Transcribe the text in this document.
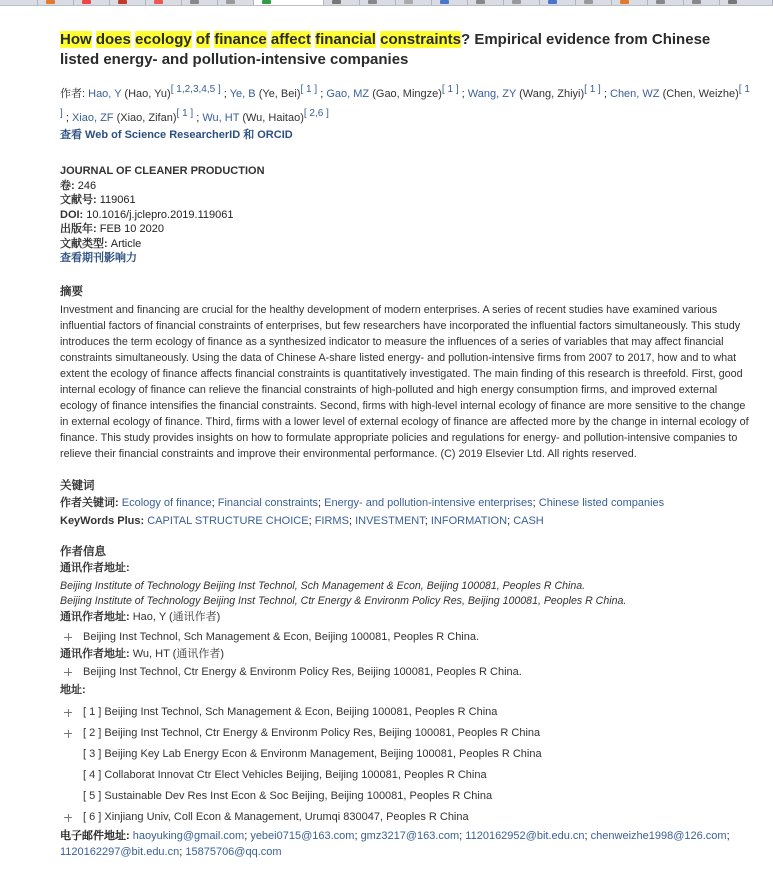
How does ecology of finance affect financial constraints? Empirical evidence from Chinese listed energy- and pollution-intensive companies
作者: Hao, Y (Hao, Yu)[ 1,2,3,4,5 ] ; Ye, B (Ye, Bei)[ 1 ] ; Gao, MZ (Gao, Mingze)[ 1 ] ; Wang, ZY (Wang, Zhiyi)[ 1 ] ; Chen, WZ (Chen, Weizhe)[ 1 ] ; Xiao, ZF (Xiao, Zifan)[ 1 ] ; Wu, HT (Wu, Haitao)[ 2,6 ]
查看 Web of Science ResearcherID 和 ORCID
JOURNAL OF CLEANER PRODUCTION
卷: 246
文献号: 119061
DOI: 10.1016/j.jclepro.2019.119061
出版年: FEB 10 2020
文献类型: Article
查看期刊影响力
摘要

Investment and financing are crucial for the healthy development of modern enterprises. A series of recent studies have examined various influential factors of financial constraints of enterprises, but few researchers have incorporated the influential factors simultaneously. This study introduces the term ecology of finance as a synthesized indicator to measure the influences of a series of variables that may affect financial constraints simultaneously. Using the data of Chinese A-share listed energy- and pollution-intensive firms from 2007 to 2017, how and to what extent the ecology of finance affects financial constraints is quantitatively investigated. The main finding of this research is threefold. First, good internal ecology of finance can relieve the financial constraints of high-polluted and high energy consumption firms, and improved external ecology of finance intensifies the financial constraints. Second, firms with high-level internal ecology of finance are more sensitive to the change in external ecology of finance. Third, firms with a lower level of external ecology of finance are affected more by the change in internal ecology of finance. This study provides insights on how to formulate appropriate policies and regulations for energy- and pollution-intensive companies to relieve their financial constraints and improve their environmental performance. (C) 2019 Elsevier Ltd. All rights reserved.

关键词
作者关键词: Ecology of finance; Financial constraints; Energy- and pollution-intensive enterprises; Chinese listed companies
KeyWords Plus: CAPITAL STRUCTURE CHOICE; FIRMS; INVESTMENT; INFORMATION; CASH
作者信息
通讯作者地址:
Beijing Institute of Technology Beijing Inst Technol, Sch Management & Econ, Beijing 100081, Peoples R China.
Beijing Institute of Technology Beijing Inst Technol, Ctr Energy & Environm Policy Res, Beijing 100081, Peoples R China.
通讯作者地址: Hao, Y (通讯作者)
Beijing Inst Technol, Sch Management & Econ, Beijing 100081, Peoples R China.
通讯作者地址: Wu, HT (通讯作者)
Beijing Inst Technol, Ctr Energy & Environm Policy Res, Beijing 100081, Peoples R China.
地址:
[ 1 ] Beijing Inst Technol, Sch Management & Econ, Beijing 100081, Peoples R China
[ 2 ] Beijing Inst Technol, Ctr Energy & Environm Policy Res, Beijing 100081, Peoples R China
[ 3 ] Beijing Key Lab Energy Econ & Environm Management, Beijing 100081, Peoples R China
[ 4 ] Collaborat Innovat Ctr Elect Vehicles Beijing, Beijing 100081, Peoples R China
[ 5 ] Sustainable Dev Res Inst Econ & Soc Beijing, Beijing 100081, Peoples R China
[ 6 ] Xinjiang Univ, Coll Econ & Management, Urumqi 830047, Peoples R China
电子邮件地址: haoyuking@gmail.com; yebei0715@163.com; gmz3217@163.com; 1120162952@bit.edu.cn; chenweizhe1998@126.com; 1120162297@bit.edu.cn; 15875706@qq.com
